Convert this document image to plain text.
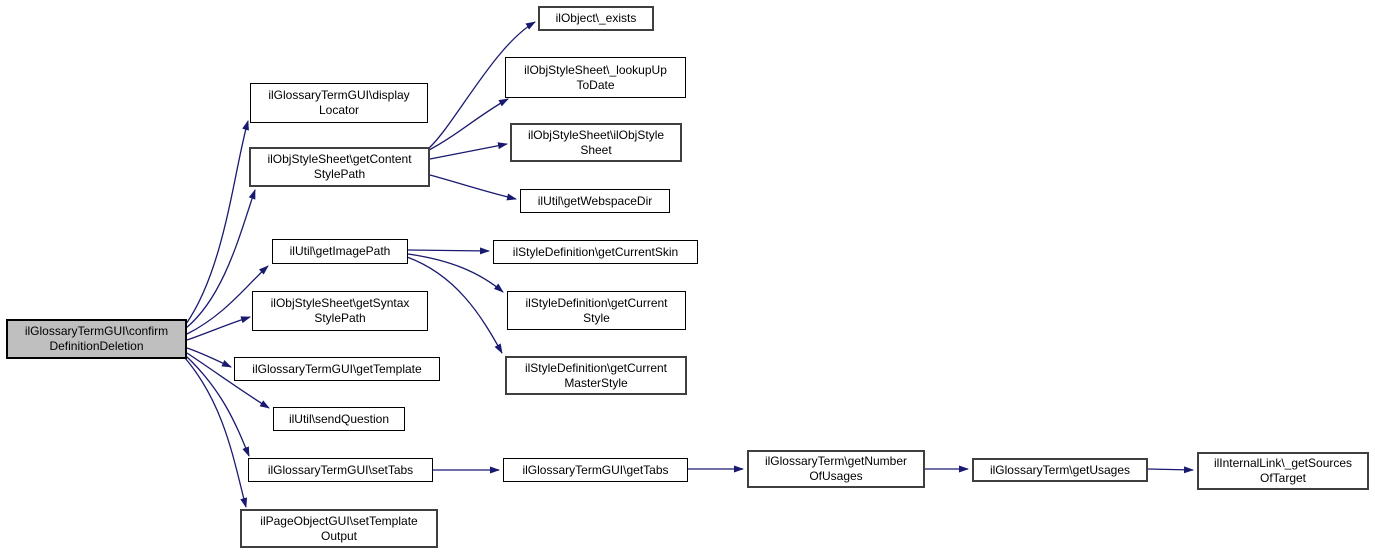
ilGlossaryTermGUI\confirm
DefinitionDeletion
ilGlossaryTermGUI\display
Locator
ilObjStyleSheet\getContent
StylePath
ilUtil\getImagePath
ilObjStyleSheet\getSyntax
StylePath
ilGlossaryTermGUI\getTemplate
ilUtil\sendQuestion
ilGlossaryTermGUI\setTabs
ilPageObjectGUI\setTemplate
Output
ilObject\_exists
ilObjStyleSheet\_lookupUp
ToDate
ilObjStyleSheet\ilObjStyle
Sheet
ilUtil\getWebspaceDir
ilStyleDefinition\getCurrentSkin
ilStyleDefinition\getCurrent
Style
ilStyleDefinition\getCurrent
MasterStyle
ilGlossaryTermGUI\getTabs
ilGlossaryTerm\getNumber
OfUsages	ilGlossaryTerm\getUsages	ilInternalLink\_getSources
OfTarget
